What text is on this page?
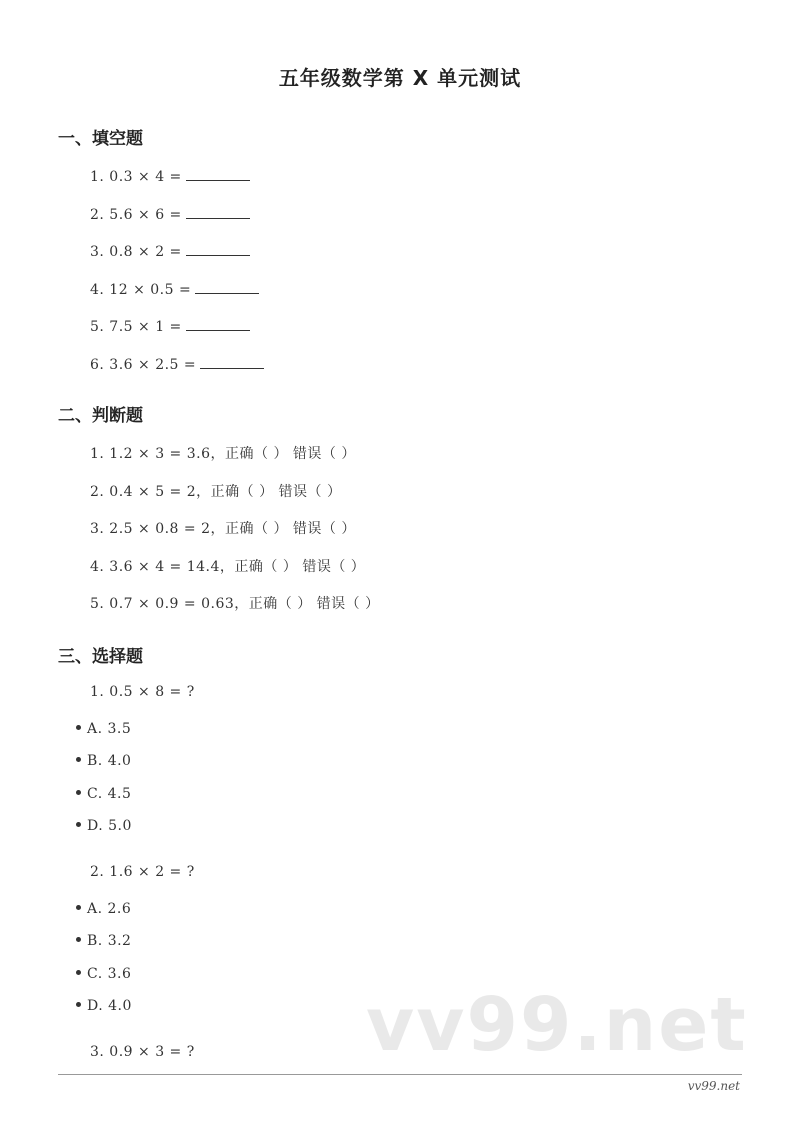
五年级数学第 X 单元测试
一、填空题
1. 0.3 × 4 =
2. 5.6 × 6 =
3. 0.8 × 2 =
4. 12 × 0.5 =
5. 7.5 × 1 =
6. 3.6 × 2.5 =
二、判断题
1. 1.2 × 3 = 3.6，正确（ ） 错误（ ）
2. 0.4 × 5 = 2，正确（ ） 错误（ ）
3. 2.5 × 0.8 = 2，正确（ ） 错误（ ）
4. 3.6 × 4 = 14.4，正确（ ） 错误（ ）
5. 0.7 × 0.9 = 0.63，正确（ ） 错误（ ）
三、选择题
1. 0.5 × 8 = ?
A. 3.5
B. 4.0
C. 4.5
D. 5.0
2. 1.6 × 2 = ?
A. 2.6
B. 3.2
C. 3.6
D. 4.0	vv99.net
3. 0.9 × 3 = ?
vv99.net
